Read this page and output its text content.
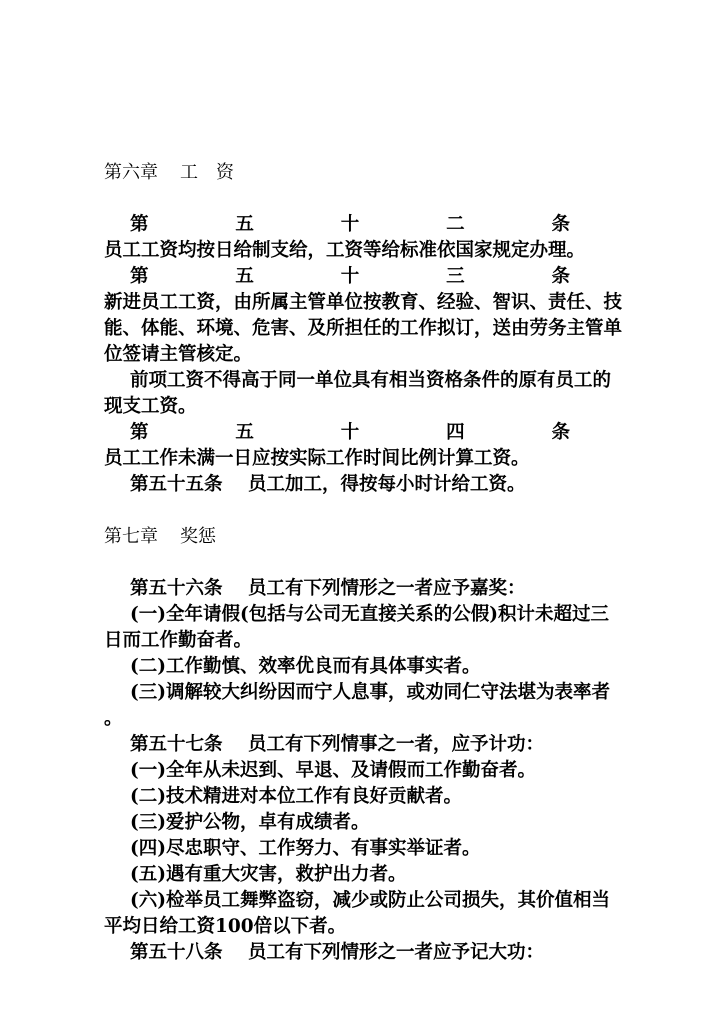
第六章 工　资
第	五	十	二	条
员工工资均按日给制支给，工资等给标准依国家规定办理。
第	五	十	三	条
新进员工工资，由所属主管单位按教育、经验、智识、责任、技
能、体能、环境、危害、及所担任的工作拟订，送由劳务主管单
位签请主管核定。
前项工资不得高于同一单位具有相当资格条件的原有员工的
现支工资。
第	五	十	四	条
员工工作未满一日应按实际工作时间比例计算工资。
第五十五条 员工加工，得按每小时计给工资。
第七章 奖惩
第五十六条 员工有下列情形之一者应予嘉奖：
(一)全年请假(包括与公司无直接关系的公假)积计未超过三
日而工作勤奋者。
(二)工作勤慎、效率优良而有具体事实者。
(三)调解较大纠纷因而宁人息事，或劝同仁守法堪为表率者
。
第五十七条 员工有下列情事之一者，应予计功：
(一)全年从未迟到、早退、及请假而工作勤奋者。
(二)技术精进对本位工作有良好贡献者。
(三)爱护公物，卓有成绩者。
(四)尽忠职守、工作努力、有事实举证者。
(五)遇有重大灾害，救护出力者。
(六)检举员工舞弊盗窃，减少或防止公司损失，其价值相当
平均日给工资100倍以下者。
第五十八条 员工有下列情形之一者应予记大功：
